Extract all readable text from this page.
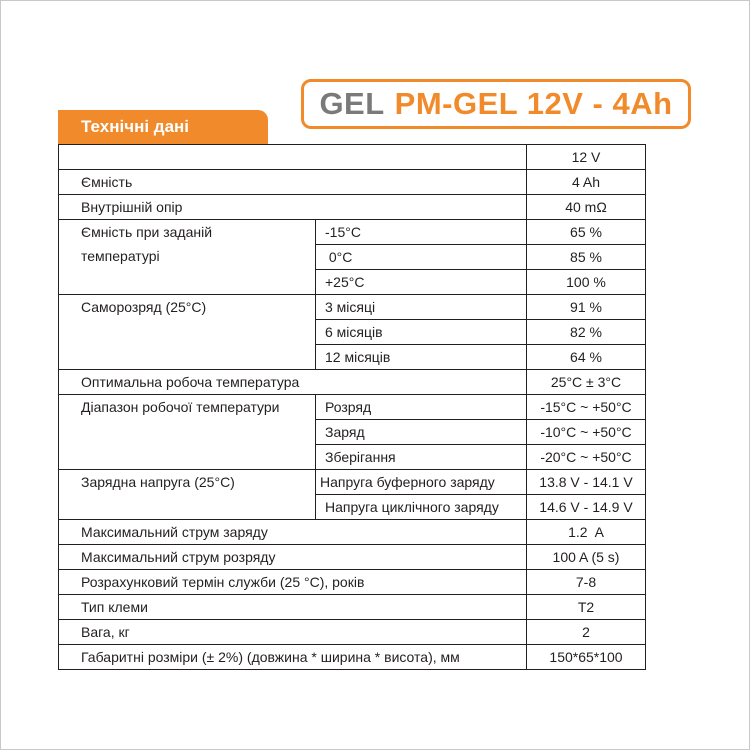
GEL PM-GEL 12V - 4Ah
Технічні дані
		12 V
Ємність		4 Ah
Внутрішній опір		40 mΩ

Ємність при заданій
температурі	-15°C	65 %
	0°C	85 %
	+25°C	100 %
Саморозряд (25°C)	3 місяці	91 %
	6 місяців	82 %
	12 місяців	64 %
Оптимальна робоча температура		25°C ± 3°C
Діапазон робочої температури	Розряд	-15°C ~ +50°C
	Заряд	-10°C ~ +50°C
	Зберігання	-20°C ~ +50°C
Зарядна напруга (25°C)	Напруга буферного заряду	13.8 V - 14.1 V
	Напруга циклічного заряду	14.6 V - 14.9 V
Максимальний струм заряду		1.2  A
Максимальний струм розряду		100 A (5 s)
Розрахунковий термін служби (25 °C), років		7-8
Тип клеми		T2
Вага, кг		2
Габаритні розміри (± 2%) (довжина * ширина * висота), мм		150*65*100
